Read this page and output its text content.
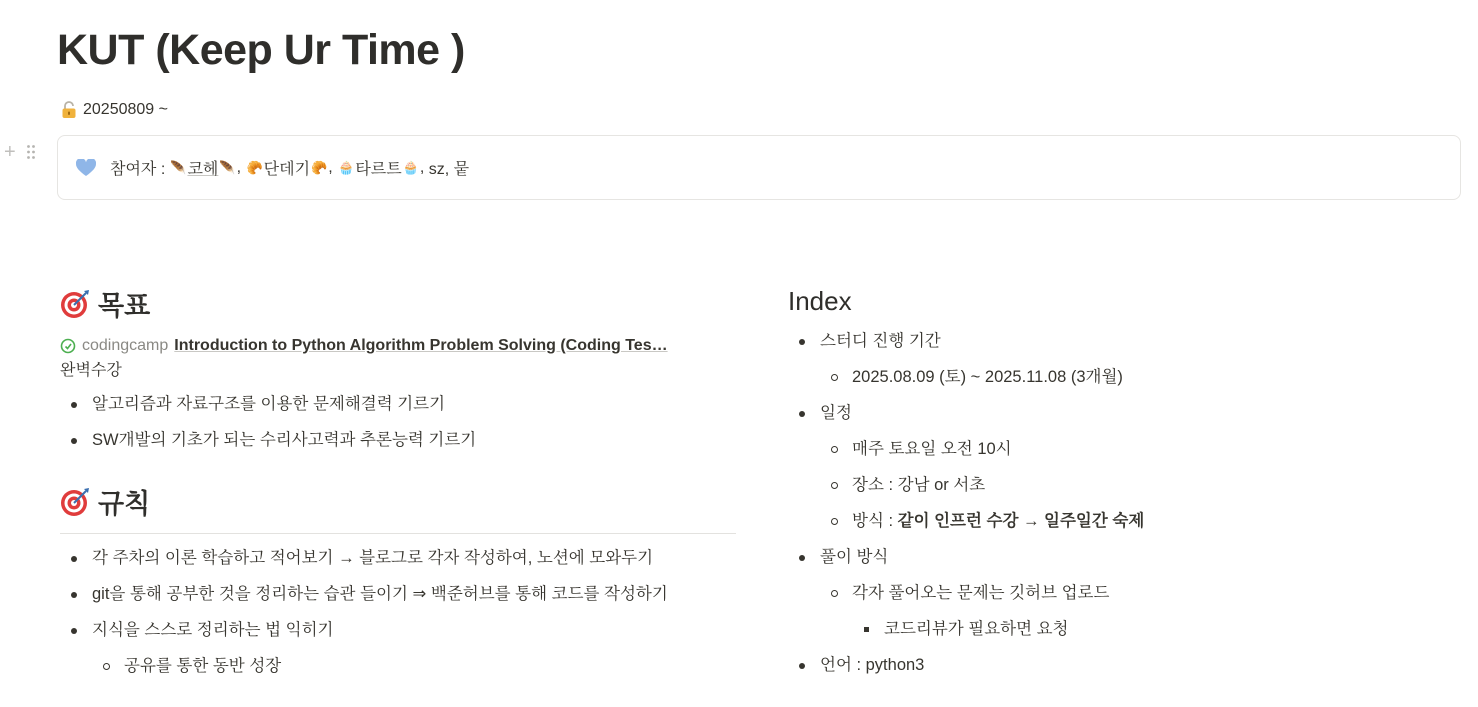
KUT (Keep Ur Time )
20250809 ~
+
참여자 : 🪶 코헤 🪶 ,
🥐 단데기 🥐 ,
🧁 타르트 🧁 ,
sz, 뭍
목표
codingcamp Introduction to Python Algorithm Problem Solving (Coding Tes…
완벽수강
알고리즘과 자료구조를 이용한 문제해결력 기르기
SW개발의 기초가 되는 수리사고력과 추론능력 기르기
규칙
각 주차의 이론 학습하고 적어보기 → 블로그로 각자 작성하여, 노션에 모와두기
git을 통해 공부한 것을 정리하는 습관 들이기 ⇒ 백준허브를 통해 코드를 작성하기
지식을 스스로 정리하는 법 익히기
공유를 통한 동반 성장
Index
스터디 진행 기간
2025.08.09 (토) ~ 2025.11.08 (3개월)
일정
매주 토요일 오전 10시
장소 : 강남 or 서초
방식 : 같이 인프런 수강 → 일주일간 숙제
풀이 방식
각자 풀어오는 문제는 깃허브 업로드
코드리뷰가 필요하면 요청
언어 : python3
